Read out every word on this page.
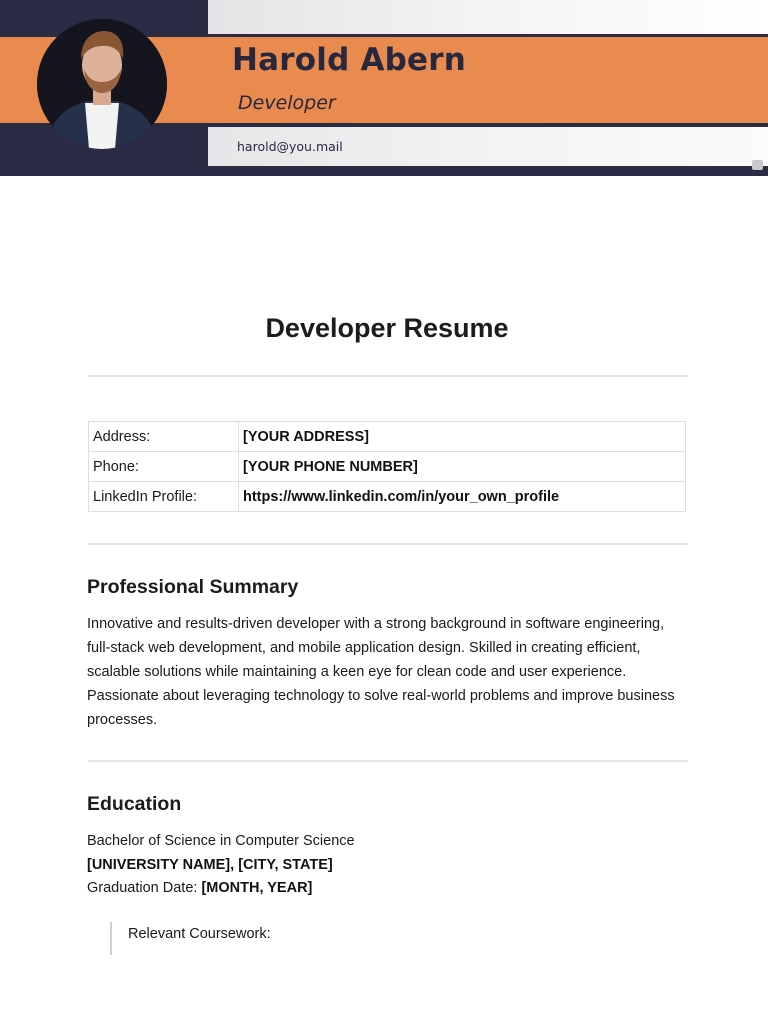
Harold Abern
Developer
harold@you.mail
Developer Resume
Address:	[YOUR ADDRESS]
Phone:	[YOUR PHONE NUMBER]
LinkedIn Profile:	https://www.linkedin.com/in/your_own_profile
Professional Summary
Innovative and results-driven developer with a strong background in software engineering, full-stack web development, and mobile application design. Skilled in creating efficient, scalable solutions while maintaining a keen eye for clean code and user experience. Passionate about leveraging technology to solve real-world problems and improve business processes.
Education
Bachelor of Science in Computer Science
[UNIVERSITY NAME], [CITY, STATE]
Graduation Date: [MONTH, YEAR]
Relevant Coursework:
